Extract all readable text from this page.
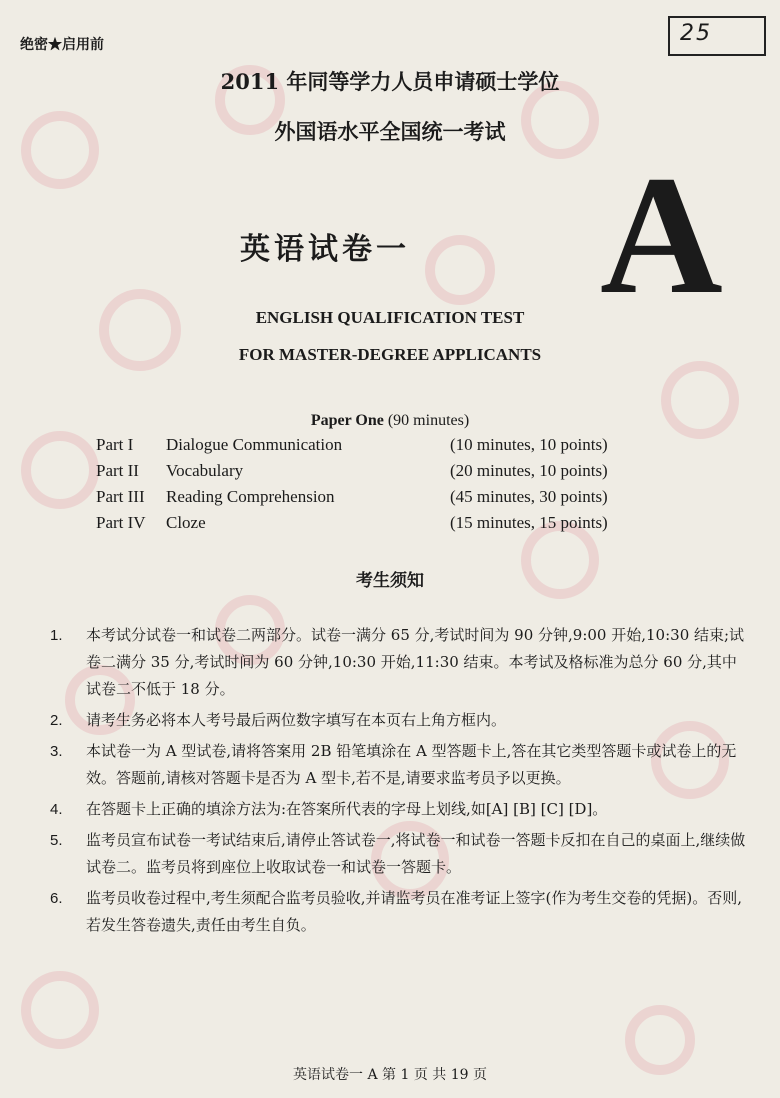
绝密★启用前	25
2011 年同等学力人员申请硕士学位
外国语水平全国统一考试
英语试卷一 A
ENGLISH QUALIFICATION TEST
FOR MASTER-DEGREE APPLICANTS
Paper One (90 minutes)
Part I Dialogue Communication	(10 minutes, 10 points)
Part II Vocabulary	(20 minutes, 10 points)
Part III Reading Comprehension	(45 minutes, 30 points)
Part IV Cloze	(15 minutes, 15 points)
考生须知
1. 本考试分试卷一和试卷二两部分。试卷一满分 65 分,考试时间为 90 分钟,9:00 开始,10:30 结束;试卷二满分 35 分,考试时间为 60 分钟,10:30 开始,11:30 结束。本考试及格标准为总分 60 分,其中试卷二不低于 18 分。
2. 请考生务必将本人考号最后两位数字填写在本页右上角方框内。
3. 本试卷一为 A 型试卷,请将答案用 2B 铅笔填涂在 A 型答题卡上,答在其它类型答题卡或试卷上的无效。答题前,请核对答题卡是否为 A 型卡,若不是,请要求监考员予以更换。
4. 在答题卡上正确的填涂方法为:在答案所代表的字母上划线,如[A] [B] [C] [D]。
5. 监考员宣布试卷一考试结束后,请停止答试卷一,将试卷一和试卷一答题卡反扣在自己的桌面上,继续做试卷二。监考员将到座位上收取试卷一和试卷一答题卡。
6. 监考员收卷过程中,考生须配合监考员验收,并请监考员在准考证上签字(作为考生交卷的凭据)。否则,若发生答卷遗失,责任由考生自负。
英语试卷一 A 第 1 页 共 19 页
